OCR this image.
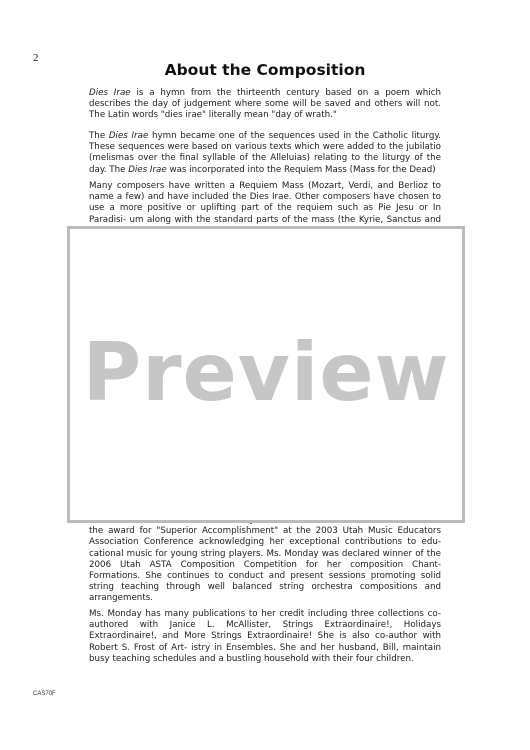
2
About the Composition

Dies Irae is a hymn from the thirteenth century based on a poem which describes the day of judgement where some will be saved and others will not. The Latin words "dies irae" literally mean "day of wrath."

The Dies Irae hymn became one of the sequences used in the Catholic liturgy. These sequences were based on various texts which were added to the jubilatio (melismas over the final syllable of the Alleluias) relating to the liturgy of the day. The Dies Irae was incorporated into the Requiem Mass (Mass for the Dead)

Many composers have written a Requiem Mass (Mozart, Verdi, and Berlioz to name a few) and have included the Dies Irae. Other composers have chosen to use a more positive or uplifting part of the requiem such as Pie Jesu or In Paradisi- um along with the standard parts of the mass (the Kyrie, Sanctus and

the award for "Superior Accomplishment" at the 2003 Utah Music Educators Association Conference acknowledging her exceptional contributions to edu- cational music for young string players. Ms. Monday was declared winner of the 2006 Utah ASTA Composition Competition for her composition Chant-Formations. She continues to conduct and present sessions promoting solid string teaching through well balanced string orchestra compositions and arrangements.

Ms. Monday has many publications to her credit including three collections co- authored with Janice L. McAllister, Strings Extraordinaire!, Holidays Extraordinaire!, and More Strings Extraordinaire! She is also co-author with Robert S. Frost of Art- istry in Ensembles. She and her husband, Bill, maintain busy teaching schedules and a bustling household with their four children.

Preview
CAS70F
